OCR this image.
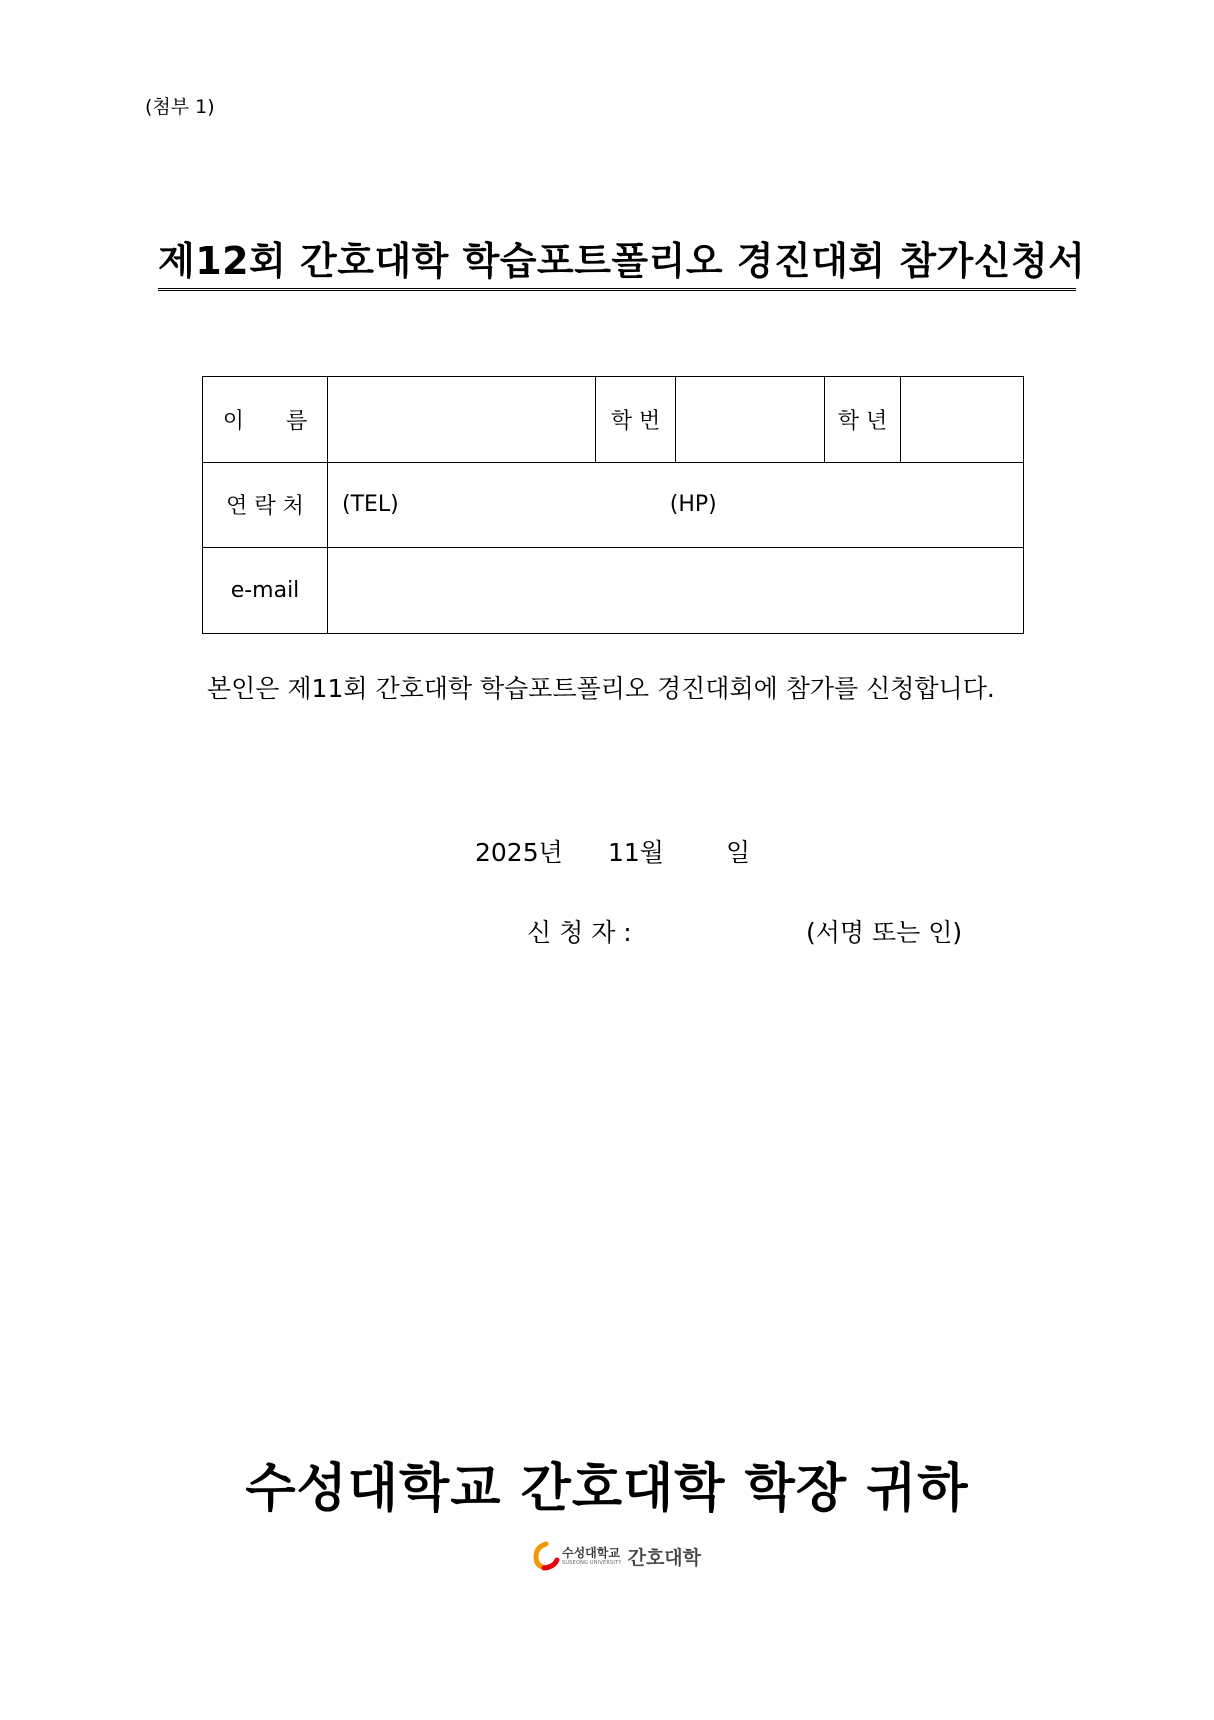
(첨부 1)
제12회 간호대학 학습포트폴리오 경진대회 참가신청서
이      름		학 번		학 년	
연 락 처	(TEL) (HP)				
e-mail					
본인은 제11회 간호대학 학습포트폴리오 경진대회에 참가를 신청합니다.
2025년 11월 일
신 청 자 :	(서명 또는 인)
수성대학교 간호대학 학장 귀하
수성대학교
SUSEONG UNIVERSITY 간호대학
